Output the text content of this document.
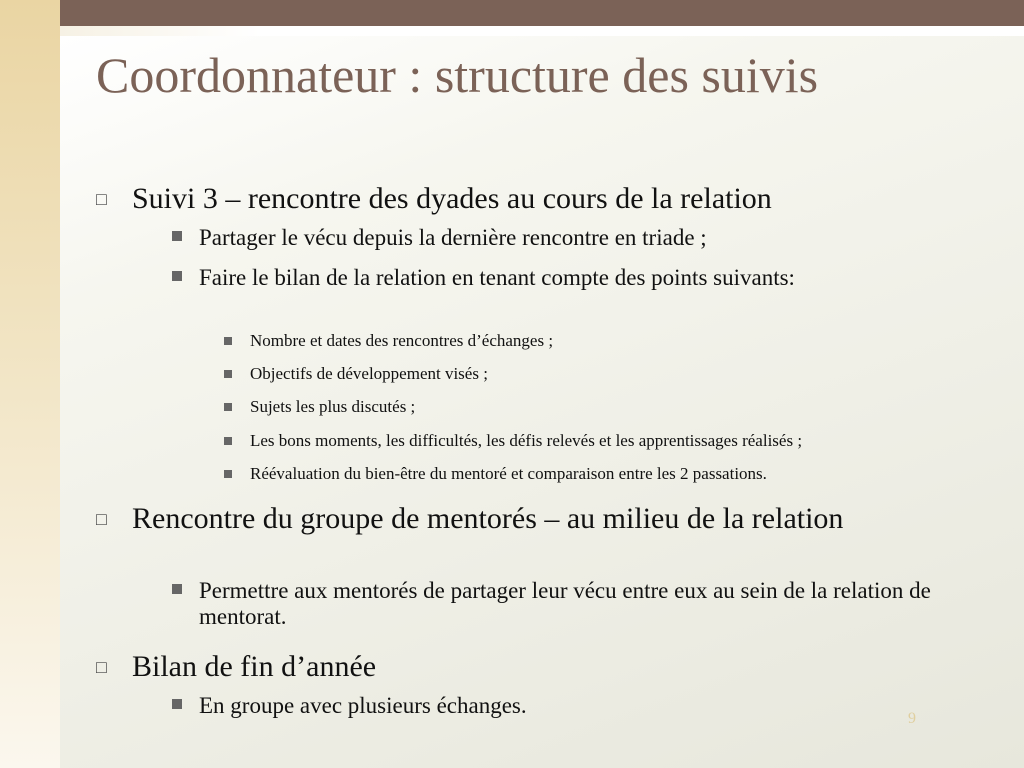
Coordonnateur : structure des suivis
□ Suivi 3 – rencontre des dyades au cours de la relation
Partager le vécu depuis la dernière rencontre en triade ;
Faire le bilan de la relation en tenant compte des points suivants:
Nombre et dates des rencontres d’échanges ;
Objectifs de développement visés ;
Sujets les plus discutés ;
Les bons moments, les difficultés, les défis relevés et les apprentissages réalisés ;
Réévaluation du bien-être du mentoré et comparaison entre les 2 passations.
□ Rencontre du groupe de mentorés – au milieu de la relation
Permettre aux mentorés de partager leur vécu entre eux au sein de la relation de mentorat.
□ Bilan de fin d’année
En groupe avec plusieurs échanges.
9
